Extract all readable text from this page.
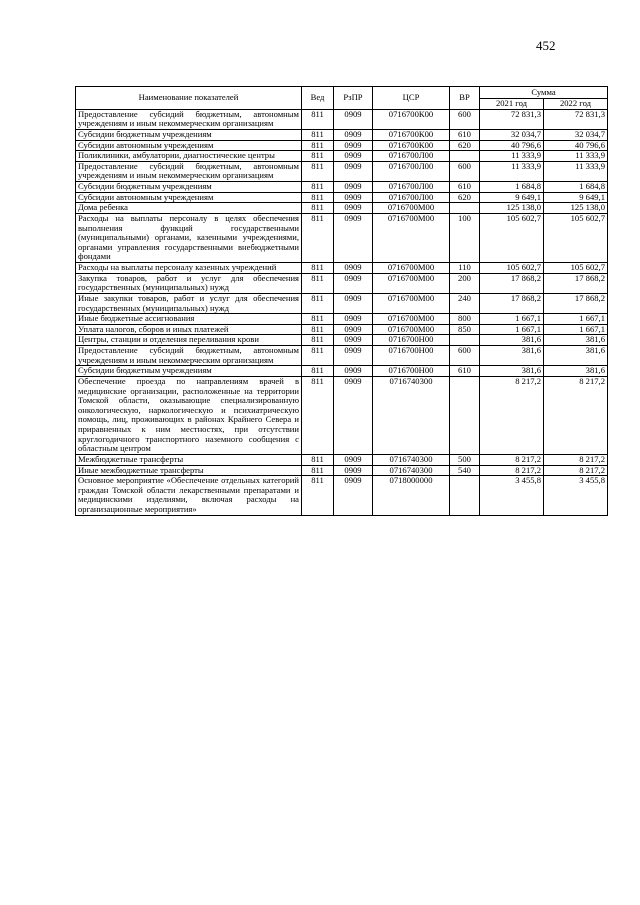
452
Наименование показателей	Вед	РзПР	ЦСР	ВР	Сумма	
					2021 год	2022 год
Предоставление субсидий бюджетным, автономным учреждениям и иным некоммерческим организациям	811	0909	0716700К00	600	72 831,3	72 831,3
Субсидии бюджетным учреждениям	811	0909	0716700К00	610	32 034,7	32 034,7
Субсидии автономным учреждениям	811	0909	0716700К00	620	40 796,6	40 796,6
Поликлиники, амбулатории, диагностические центры	811	0909	0716700Л00		11 333,9	11 333,9
Предоставление субсидий бюджетным, автономным учреждениям и иным некоммерческим организациям	811	0909	0716700Л00	600	11 333,9	11 333,9
Субсидии бюджетным учреждениям	811	0909	0716700Л00	610	1 684,8	1 684,8
Субсидии автономным учреждениям	811	0909	0716700Л00	620	9 649,1	9 649,1
Дома ребенка	811	0909	0716700М00		125 138,0	125 138,0
Расходы на выплаты персоналу в целях обеспечения выполнения функций государственными (муниципальными) органами, казенными учреждениями, органами управления государственными внебюджетными фондами	811	0909	0716700М00	100	105 602,7	105 602,7
Расходы на выплаты персоналу казенных учреждений	811	0909	0716700М00	110	105 602,7	105 602,7
Закупка товаров, работ и услуг для обеспечения государственных (муниципальных) нужд	811	0909	0716700М00	200	17 868,2	17 868,2
Иные закупки товаров, работ и услуг для обеспечения государственных (муниципальных) нужд	811	0909	0716700М00	240	17 868,2	17 868,2
Иные бюджетные ассигнования	811	0909	0716700М00	800	1 667,1	1 667,1
Уплата налогов, сборов и иных платежей	811	0909	0716700М00	850	1 667,1	1 667,1
Центры, станции и отделения переливания крови	811	0909	0716700Н00		381,6	381,6
Предоставление субсидий бюджетным, автономным учреждениям и иным некоммерческим организациям	811	0909	0716700Н00	600	381,6	381,6
Субсидии бюджетным учреждениям	811	0909	0716700Н00	610	381,6	381,6
Обеспечение проезда по направлениям врачей в медицинские организации, расположенные на территории Томской области, оказывающие специализированную онкологическую, наркологическую и психиатрическую помощь, лиц, проживающих в районах Крайнего Севера и приравненных к ним местностях, при отсутствии круглогодичного транспортного наземного сообщения с областным центром	811	0909	0716740300		8 217,2	8 217,2
Межбюджетные трансферты	811	0909	0716740300	500	8 217,2	8 217,2
Иные межбюджетные трансферты	811	0909	0716740300	540	8 217,2	8 217,2
Основное мероприятие «Обеспечение отдельных категорий граждан Томской области лекарственными препаратами и медицинскими изделиями, включая расходы на организационные мероприятия»	811	0909	0718000000		3 455,8	3 455,8
